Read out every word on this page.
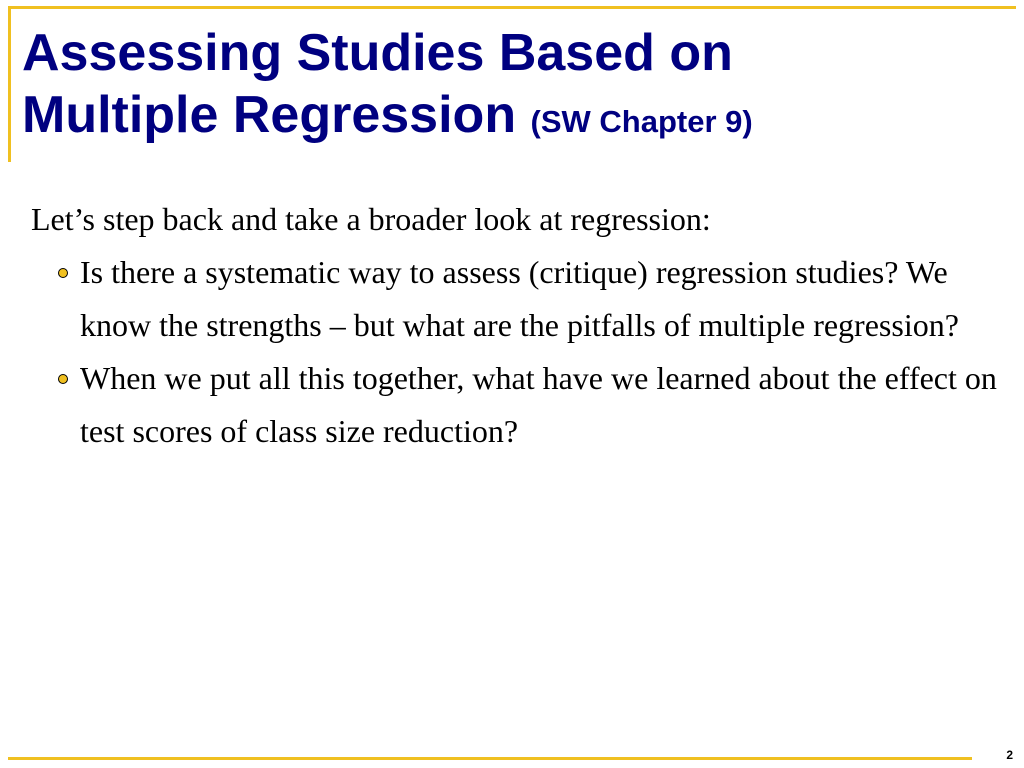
Assessing Studies Based on
Multiple Regression (SW Chapter 9)

Let’s step back and take a broader look at regression:

Is there a systematic way to assess (critique) regression studies? We know the strengths – but what are the pitfalls of multiple regression?
When we put all this together, what have we learned about the effect on test scores of class size reduction?
2
